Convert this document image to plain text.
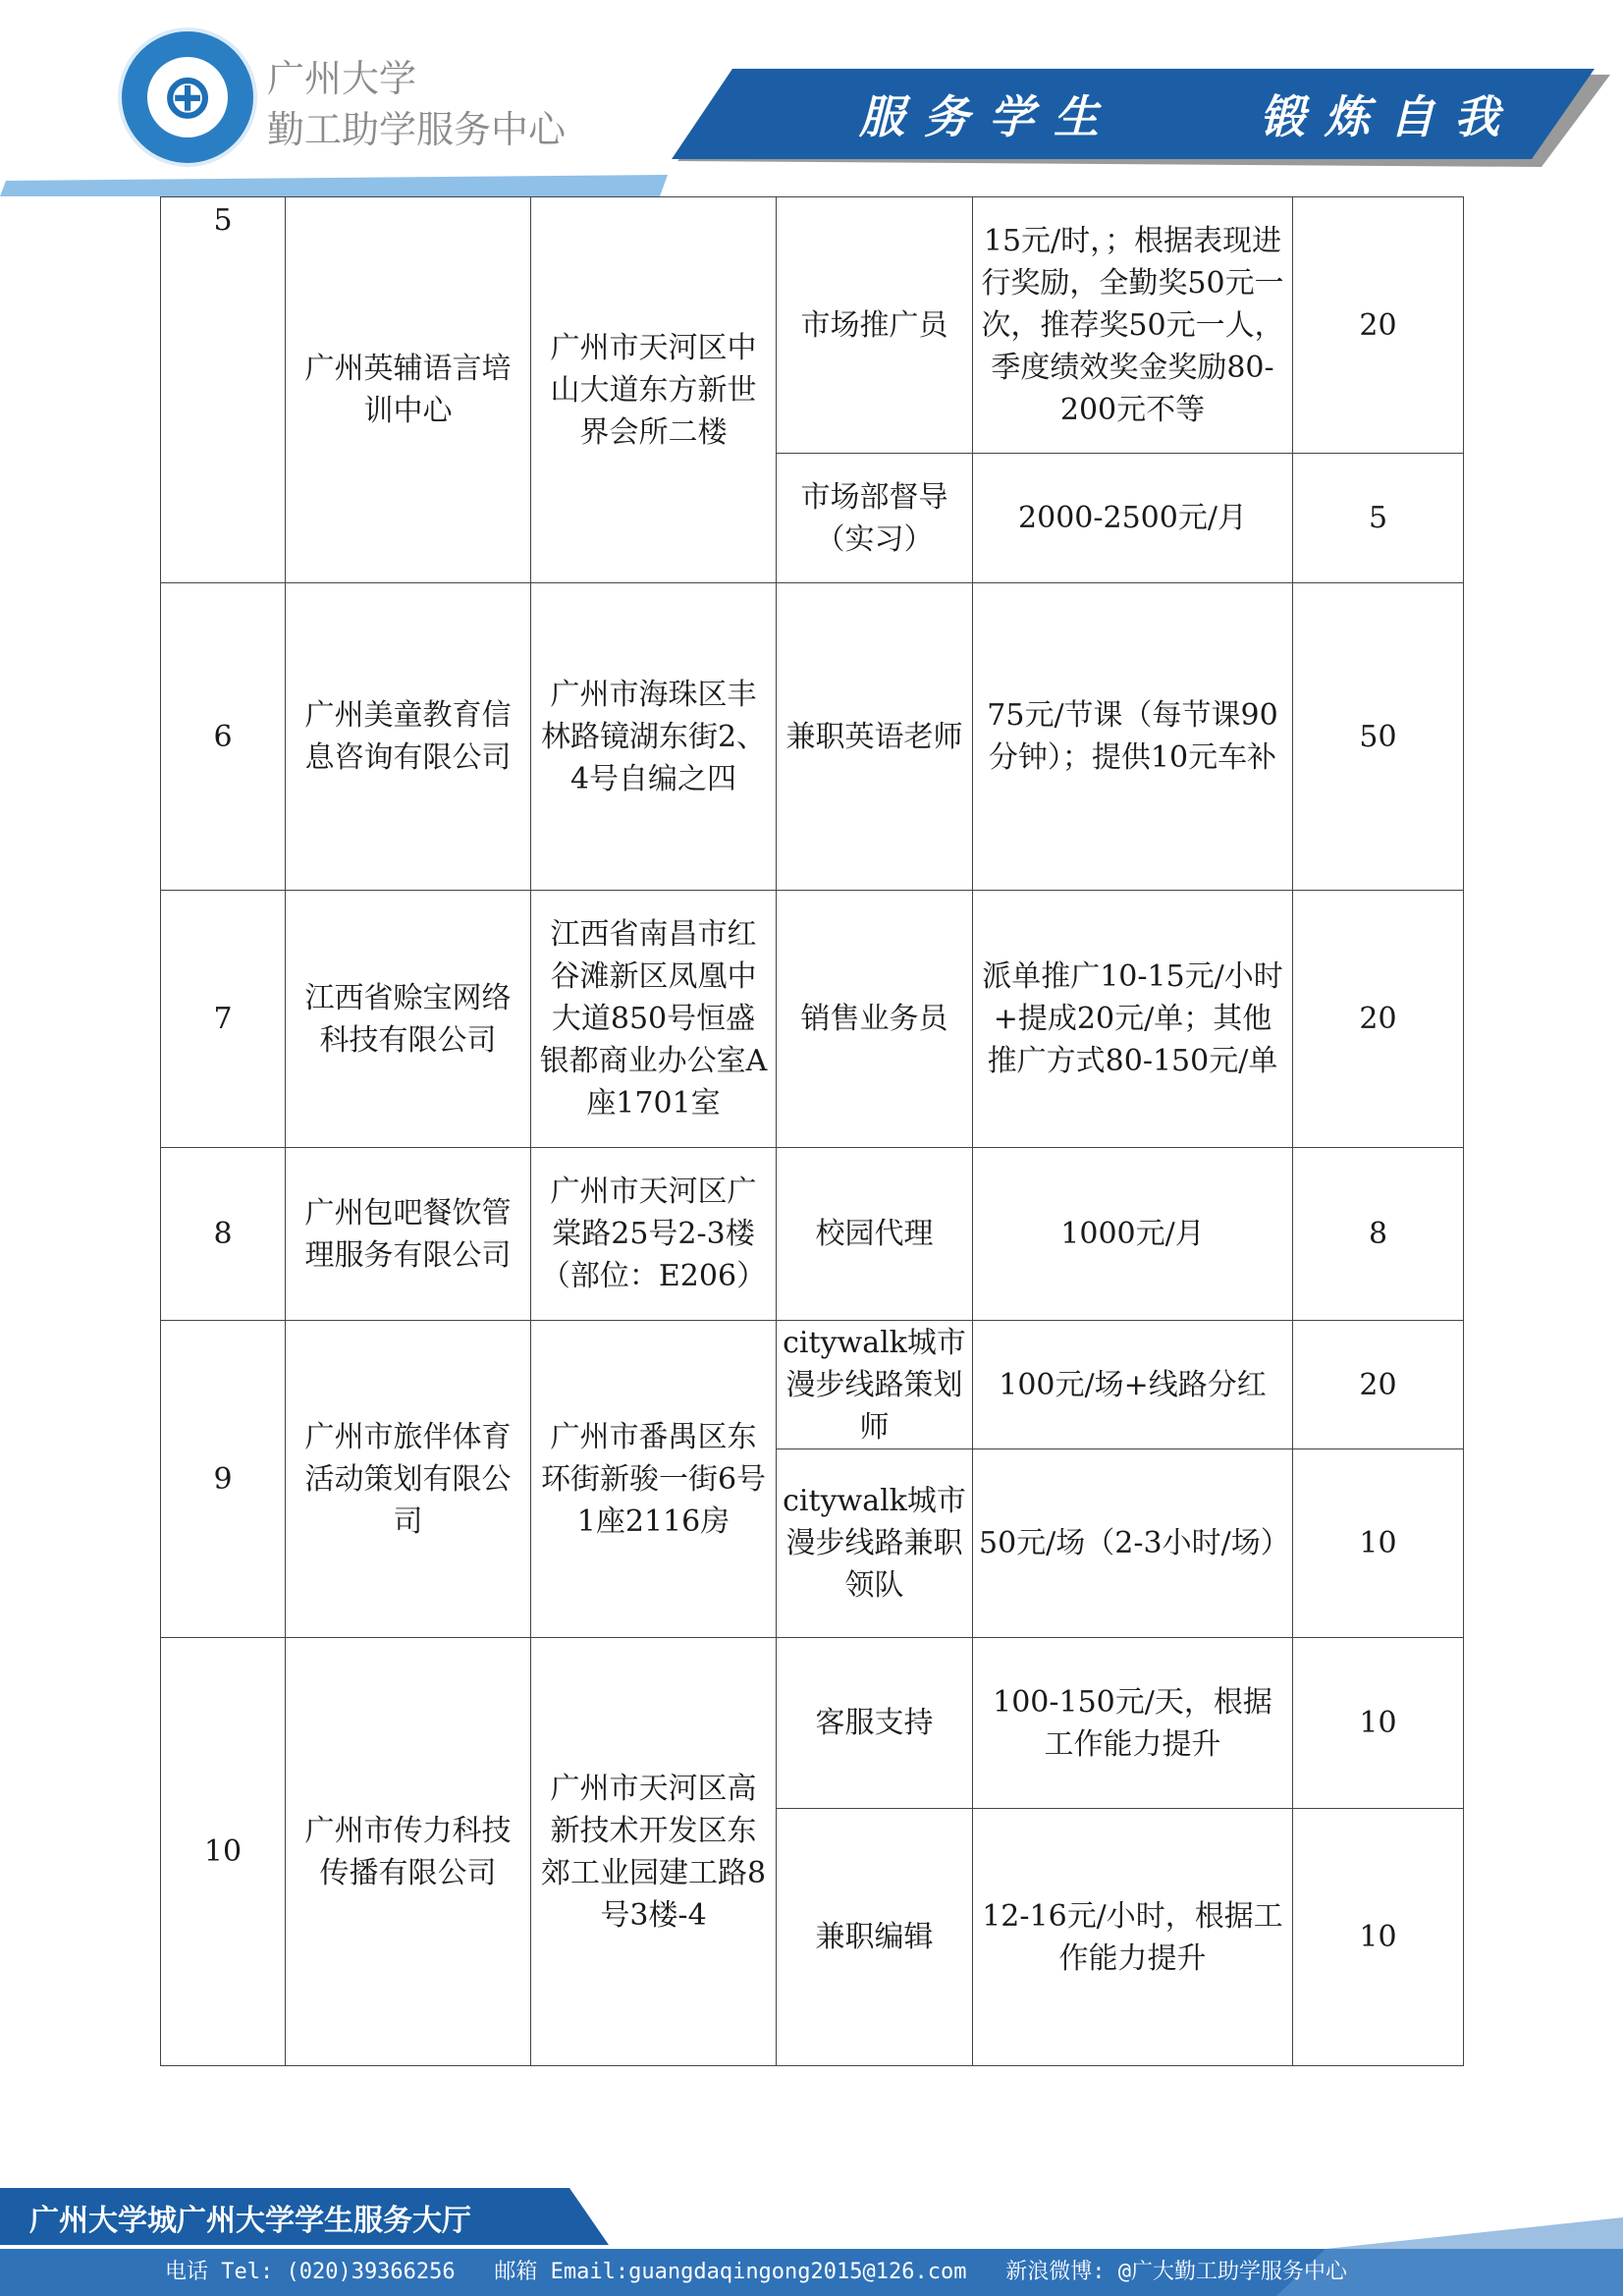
⊕	广州大学
勤工助学服务中心	服务学生    锻炼自我
5	广州英辅语言培训中心	广州市天河区中山大道东方新世界会所二楼	市场推广员	15元/时，；根据表现进行奖励，全勤奖50元一次，推荐奖50元一人，季度绩效奖金奖励80-200元不等	20
			市场部督导（实习）	2000-2500元/月	5
6	广州美童教育信息咨询有限公司	广州市海珠区丰林路镜湖东街2、4号自编之四	兼职英语老师	75元/节课（每节课90分钟）；提供10元车补	50
7	江西省赊宝网络科技有限公司	江西省南昌市红谷滩新区凤凰中大道850号恒盛银都商业办公室A座1701室	销售业务员	派单推广10-15元/小时+提成20元/单；其他推广方式80-150元/单	20
8	广州包吧餐饮管理服务有限公司	广州市天河区广棠路25号2-3楼（部位：E206）	校园代理	1000元/月	8
9	广州市旅伴体育活动策划有限公司	广州市番禺区东环街新骏一街6号1座2116房	citywalk城市漫步线路策划师	100元/场+线路分红	20
			citywalk城市漫步线路兼职领队	50元/场（2-3小时/场）	10
10	广州市传力科技传播有限公司	广州市天河区高新技术开发区东郊工业园建工路8号3楼-4	客服支持	100-150元/天，根据工作能力提升	10
			兼职编辑	12-16元/小时，根据工作能力提升	10
广州大学城广州大学学生服务大厅
电话 Tel: (020)39366256   邮箱 Email:guangdaqingong2015@126.com   新浪微博: @广大勤工助学服务中心
